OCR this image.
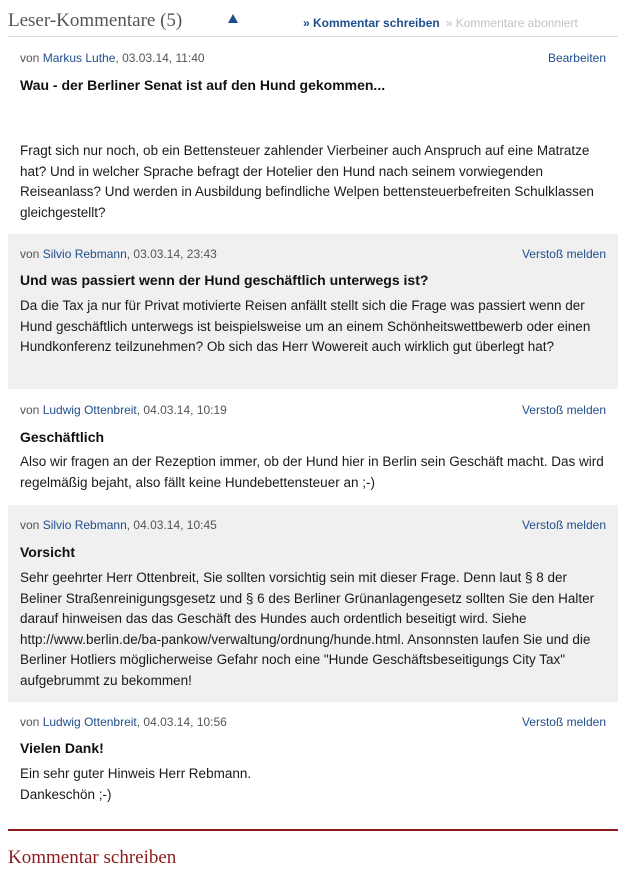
Leser-Kommentare (5)	» Kommentar schreiben » Kommentare abonniert
von Markus Luthe, 03.03.14, 11:40	Bearbeiten
Wau - der Berliner Senat ist auf den Hund gekommen...
Fragt sich nur noch, ob ein Bettensteuer zahlender Vierbeiner auch Anspruch auf eine Matratze hat? Und in welcher Sprache befragt der Hotelier den Hund nach seinem vorwiegenden Reiseanlass? Und werden in Ausbildung befindliche Welpen bettensteuerbefreiten Schulklassen gleichgestellt?
von Silvio Rebmann, 03.03.14, 23:43	Verstoß melden
Und was passiert wenn der Hund geschäftlich unterwegs ist?
Da die Tax ja nur für Privat motivierte Reisen anfällt stellt sich die Frage was passiert wenn der Hund geschäftlich unterwegs ist beispielsweise um an einem Schönheitswettbewerb oder einen Hundkonferenz teilzunehmen? Ob sich das Herr Wowereit auch wirklich gut überlegt hat?
von Ludwig Ottenbreit, 04.03.14, 10:19	Verstoß melden
Geschäftlich
Also wir fragen an der Rezeption immer, ob der Hund hier in Berlin sein Geschäft macht. Das wird regelmäßig bejaht, also fällt keine Hundebettensteuer an ;-)
von Silvio Rebmann, 04.03.14, 10:45	Verstoß melden
Vorsicht
Sehr geehrter Herr Ottenbreit, Sie sollten vorsichtig sein mit dieser Frage. Denn laut § 8 der Beliner Straßenreinigungsgesetz und § 6 des Berliner Grünanlagengesetz sollten Sie den Halter darauf hinweisen das das Geschäft des Hundes auch ordentlich beseitigt wird. Siehe http://www.berlin.de/ba-pankow/verwaltung/ordnung/hunde.html. Ansonnsten laufen Sie und die Berliner Hotliers möglicherweise Gefahr noch eine "Hunde Geschäftsbeseitigungs City Tax" aufgebrummt zu bekommen!
von Ludwig Ottenbreit, 04.03.14, 10:56	Verstoß melden
Vielen Dank!

Ein sehr guter Hinweis Herr Rebmann.

Dankeschön ;-)

Kommentar schreiben
